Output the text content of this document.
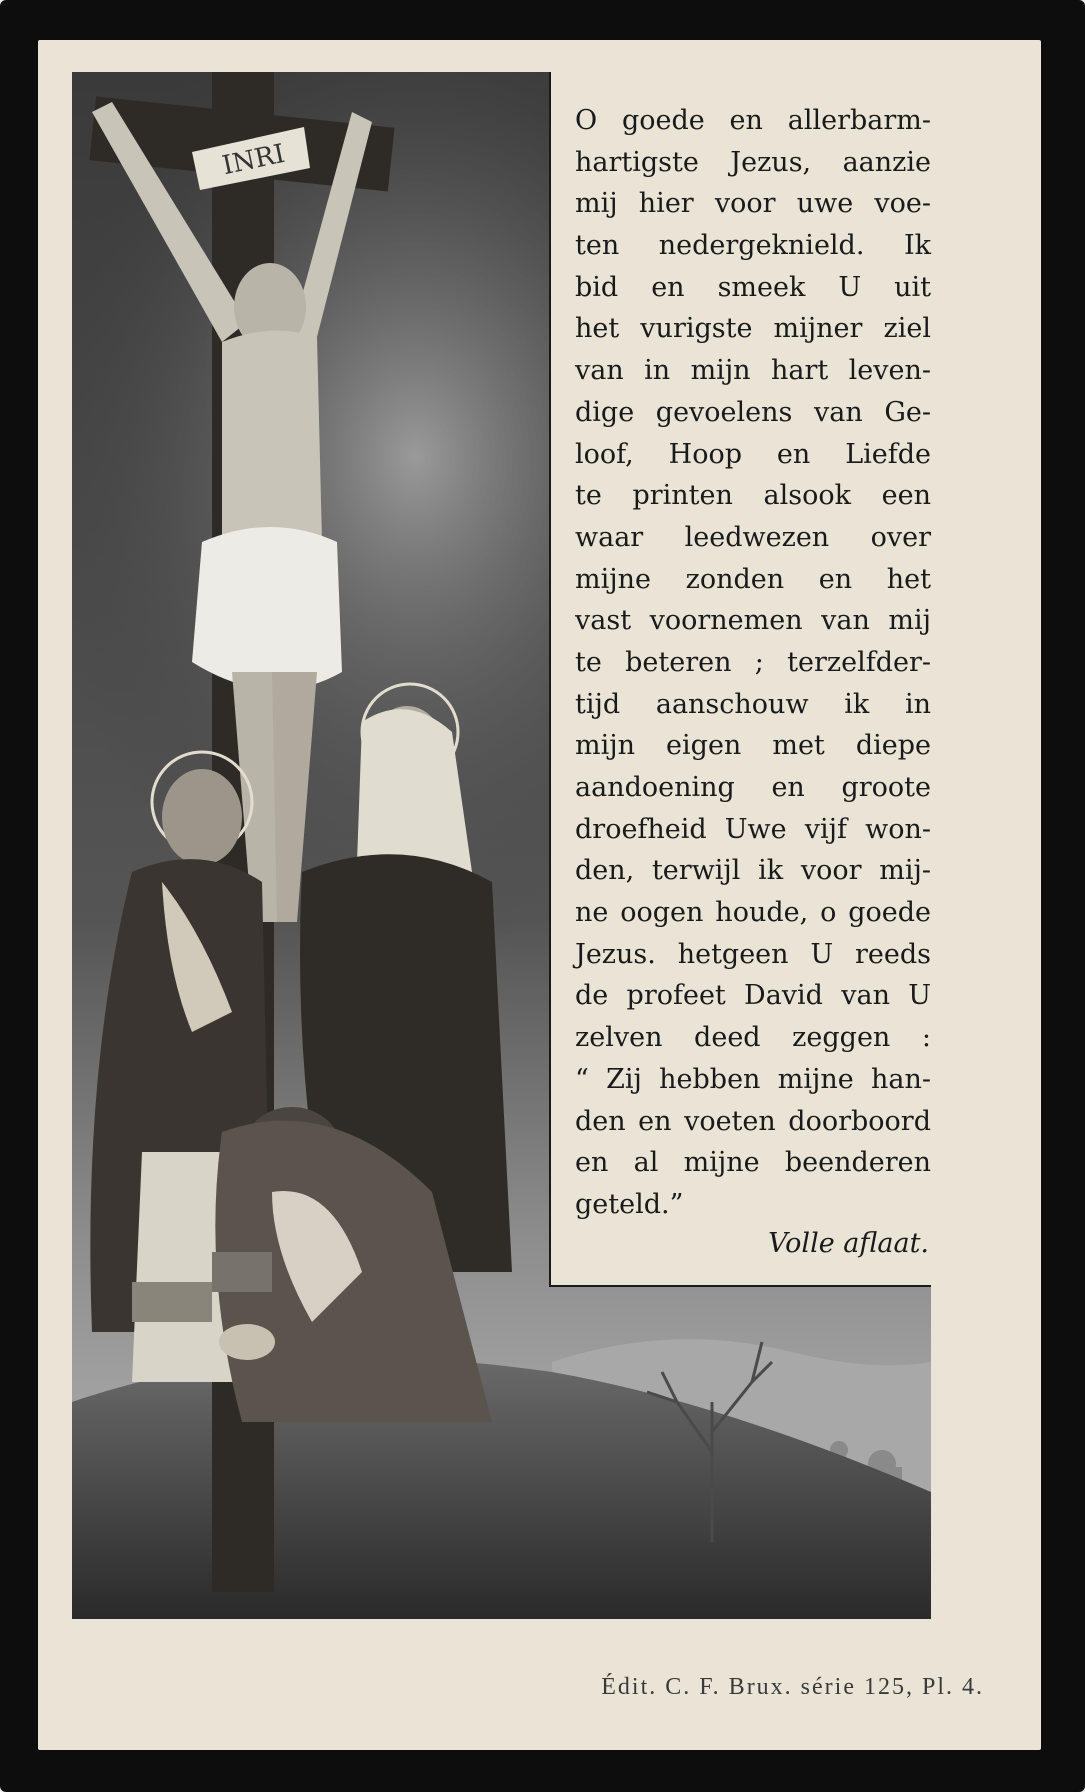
INRI
O goede en allerbarm-
hartigste Jezus, aanzie
mij hier voor uwe voe-
ten nedergeknield. Ik
bid en smeek U uit
het vurigste mijner ziel
van in mijn hart leven-
dige gevoelens van Ge-
loof, Hoop en Liefde
te printen alsook een
waar leedwezen over
mijne zonden en het
vast voornemen van mij
te beteren ; terzelfder-
tijd aanschouw ik in
mijn eigen met diepe
aandoening en groote
droefheid Uwe vijf won-
den, terwijl ik voor mij-
ne oogen houde, o goede
Jezus. hetgeen U reeds
de profeet David van U
zelven deed zeggen :
“ Zij hebben mijne han-
den en voeten doorboord
en al mijne beenderen
geteld.”
Volle aflaat.
Édit. C. F. Brux. série 125, Pl. 4.
